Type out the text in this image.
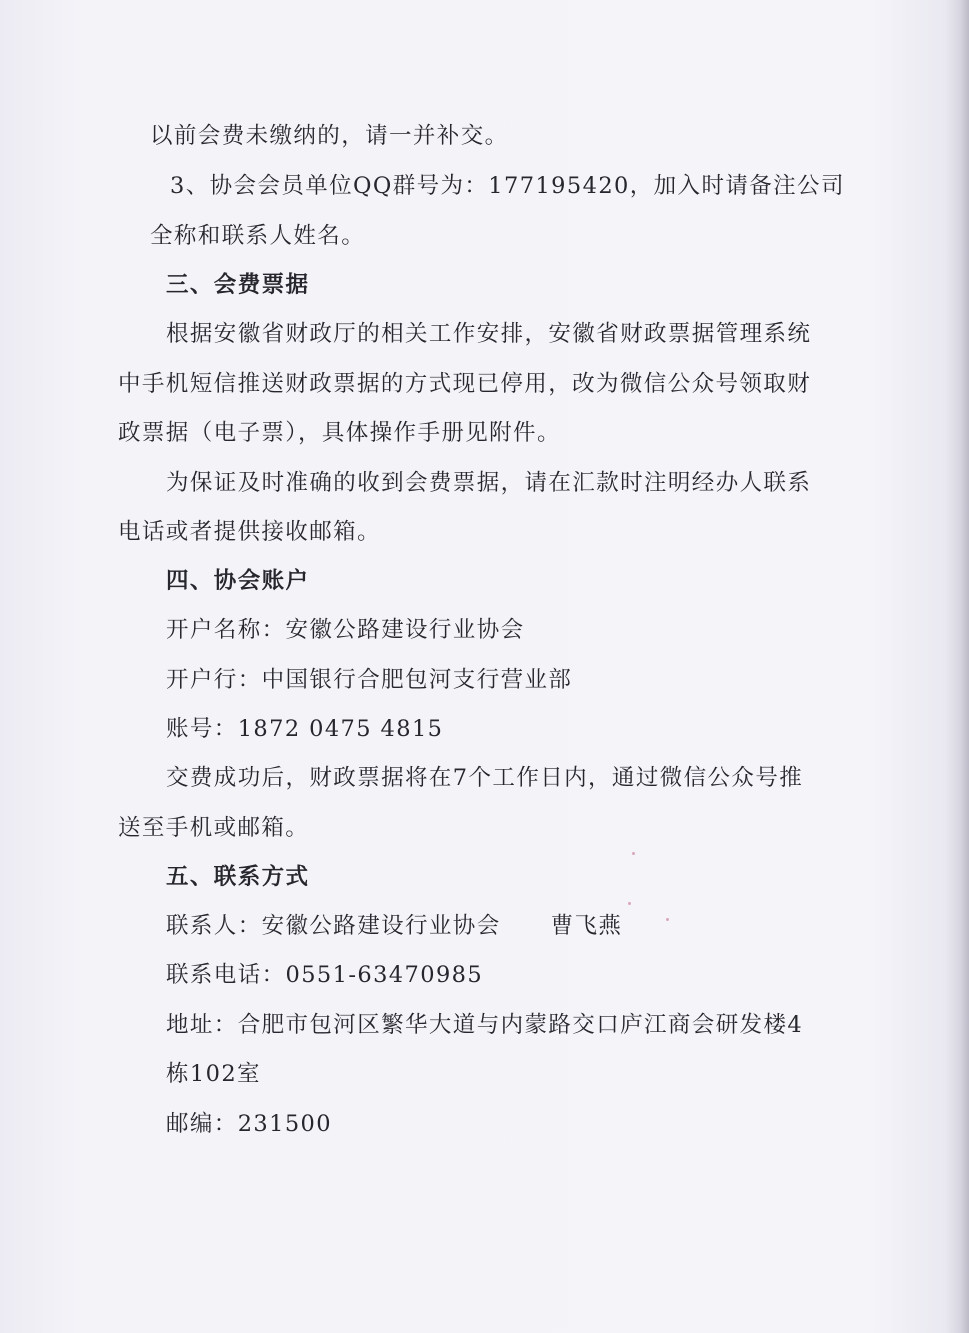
以前会费未缴纳的，请一并补交。
3、协会会员单位QQ群号为：177195420，加入时请备注公司
全称和联系人姓名。
三、会费票据
根据安徽省财政厅的相关工作安排，安徽省财政票据管理系统
中手机短信推送财政票据的方式现已停用，改为微信公众号领取财
政票据（电子票），具体操作手册见附件。
为保证及时准确的收到会费票据，请在汇款时注明经办人联系
电话或者提供接收邮箱。
四、协会账户
开户名称：安徽公路建设行业协会
开户行：中国银行合肥包河支行营业部
账号：1872 0475 4815
交费成功后，财政票据将在7个工作日内，通过微信公众号推
送至手机或邮箱。
五、联系方式
联系人：安徽公路建设行业协会 曹飞燕
联系电话：0551-63470985
地址：合肥市包河区繁华大道与内蒙路交口庐江商会研发楼4
栋102室
邮编：231500
